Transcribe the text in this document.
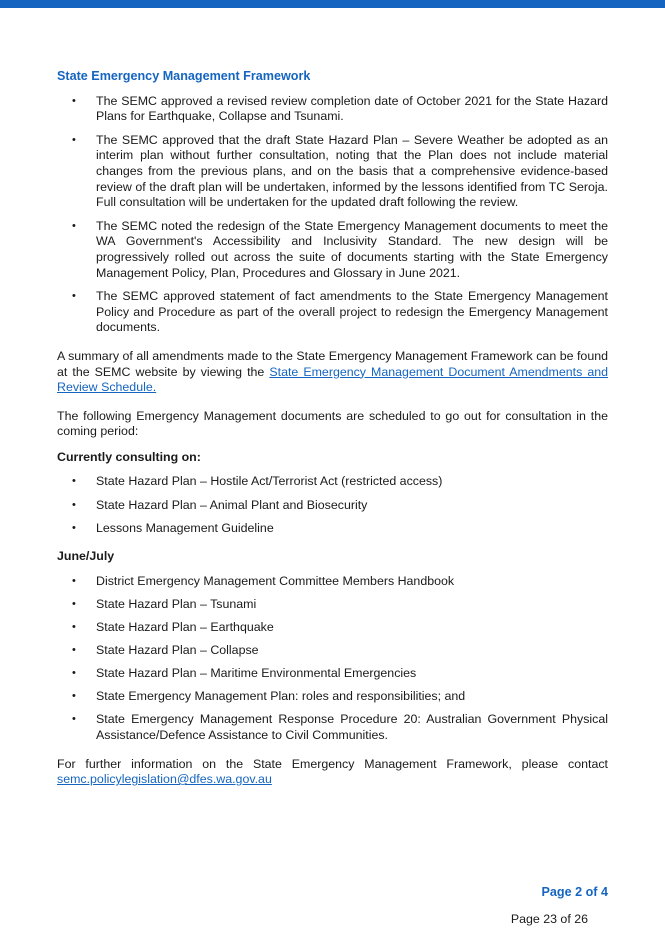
State Emergency Management Framework
• The SEMC approved a revised review completion date of October 2021 for the State Hazard Plans for Earthquake, Collapse and Tsunami.
• The SEMC approved that the draft State Hazard Plan – Severe Weather be adopted as an interim plan without further consultation, noting that the Plan does not include material changes from the previous plans, and on the basis that a comprehensive evidence-based review of the draft plan will be undertaken, informed by the lessons identified from TC Seroja. Full consultation will be undertaken for the updated draft following the review.
• The SEMC noted the redesign of the State Emergency Management documents to meet the WA Government's Accessibility and Inclusivity Standard. The new design will be progressively rolled out across the suite of documents starting with the State Emergency Management Policy, Plan, Procedures and Glossary in June 2021.
• The SEMC approved statement of fact amendments to the State Emergency Management Policy and Procedure as part of the overall project to redesign the Emergency Management documents.

A summary of all amendments made to the State Emergency Management Framework can be found at the SEMC website by viewing the State Emergency Management Document Amendments and Review Schedule.

The following Emergency Management documents are scheduled to go out for consultation in the coming period:

Currently consulting on:
• State Hazard Plan – Hostile Act/Terrorist Act (restricted access)
• State Hazard Plan – Animal Plant and Biosecurity
• Lessons Management Guideline
June/July
• District Emergency Management Committee Members Handbook
• State Hazard Plan – Tsunami
• State Hazard Plan – Earthquake
• State Hazard Plan – Collapse
• State Hazard Plan – Maritime Environmental Emergencies
• State Emergency Management Plan: roles and responsibilities; and
• State Emergency Management Response Procedure 20: Australian Government Physical Assistance/Defence Assistance to Civil Communities.

For further information on the State Emergency Management Framework, please contact semc.policylegislation@dfes.wa.gov.au

Page 2 of 4
Page 23 of 26
